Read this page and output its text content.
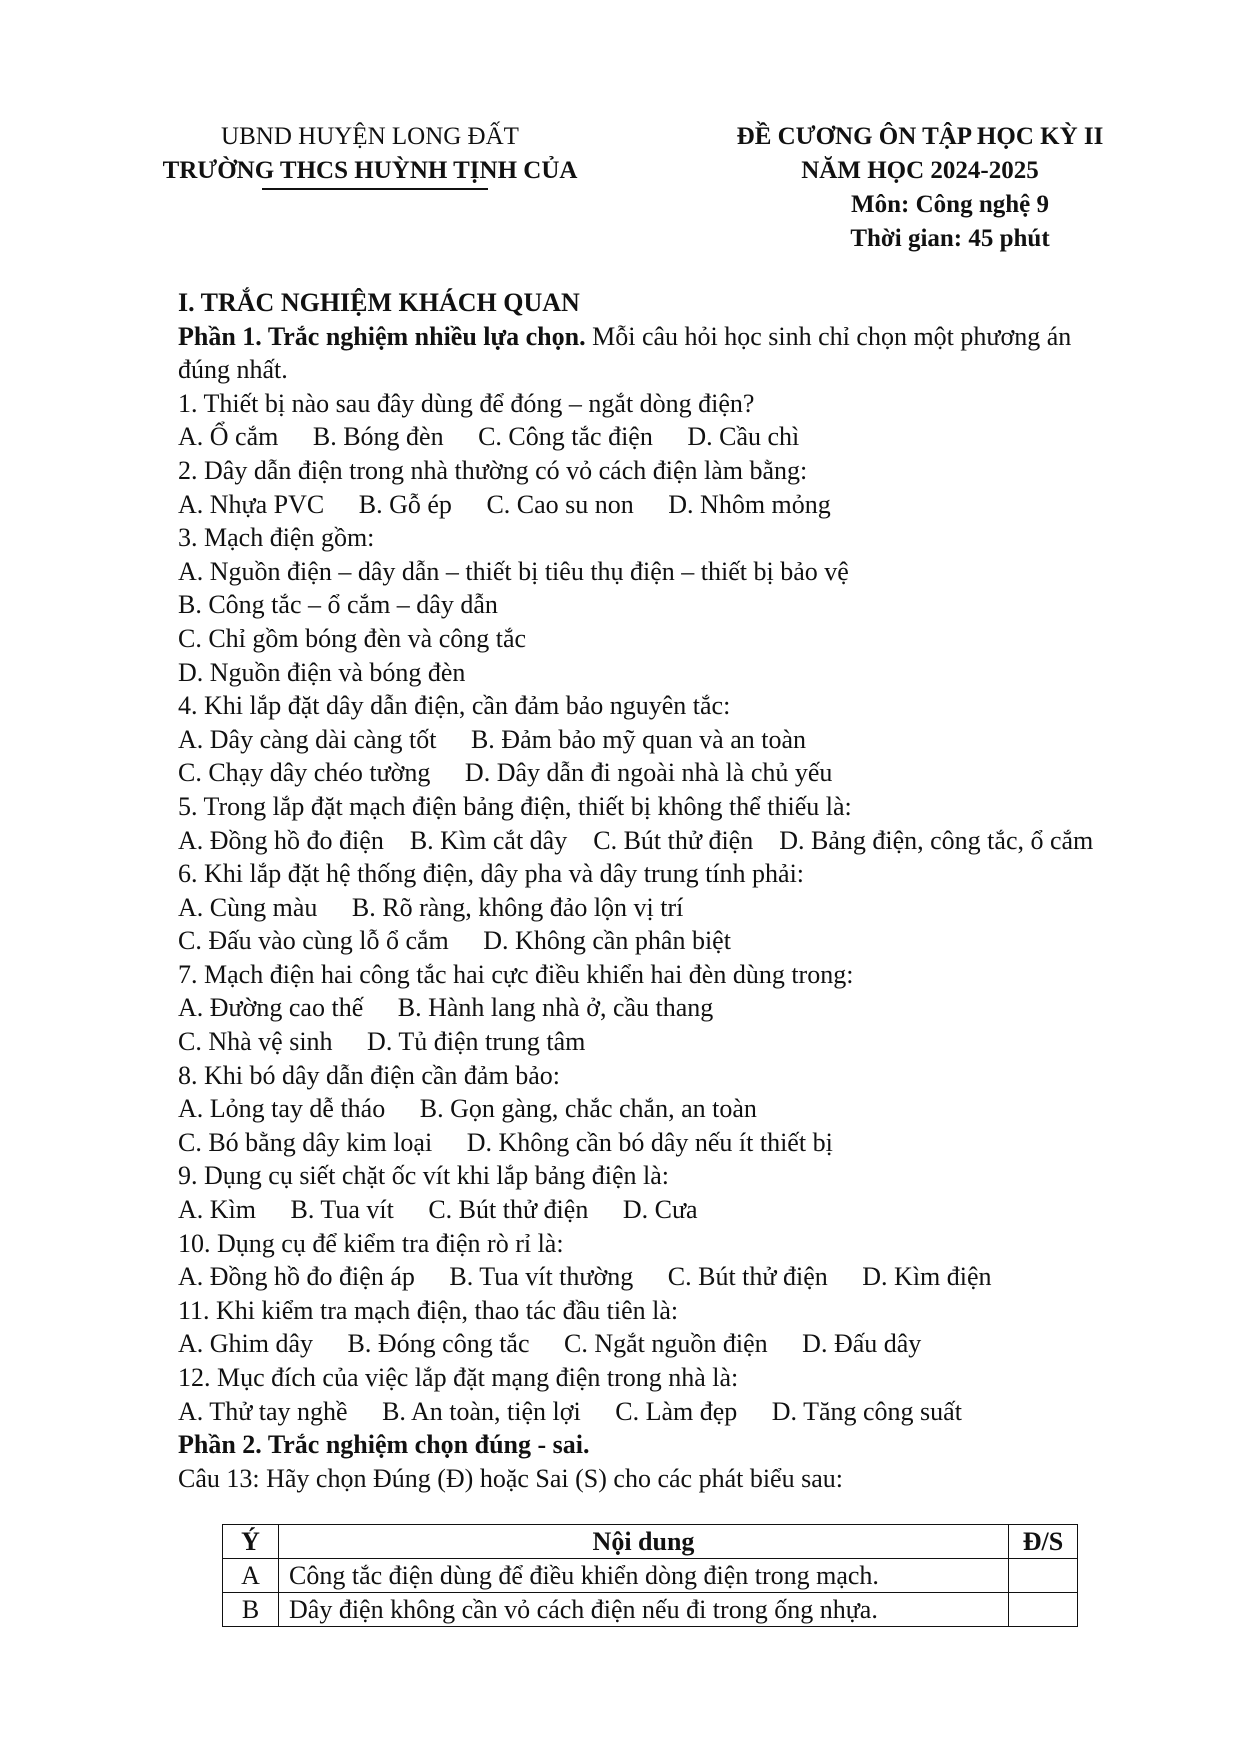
UBND HUYỆN LONG ĐẤT
TRƯỜNG THCS HUỲNH TỊNH CỦA
ĐỀ CƯƠNG ÔN TẬP HỌC KỲ II
NĂM HỌC 2024-2025
Môn: Công nghệ 9
Thời gian: 45 phút
I. TRẮC NGHIỆM KHÁCH QUAN
Phần 1. Trắc nghiệm nhiều lựa chọn. Mỗi câu hỏi học sinh chỉ chọn một phương án đúng nhất.
1. Thiết bị nào sau đây dùng để đóng – ngắt dòng điện?
A. Ổ cắm B. Bóng đèn C. Công tắc điện D. Cầu chì
2. Dây dẫn điện trong nhà thường có vỏ cách điện làm bằng:
A. Nhựa PVC B. Gỗ ép C. Cao su non D. Nhôm mỏng
3. Mạch điện gồm:
A. Nguồn điện – dây dẫn – thiết bị tiêu thụ điện – thiết bị bảo vệ
B. Công tắc – ổ cắm – dây dẫn
C. Chỉ gồm bóng đèn và công tắc
D. Nguồn điện và bóng đèn
4. Khi lắp đặt dây dẫn điện, cần đảm bảo nguyên tắc:
A. Dây càng dài càng tốt B. Đảm bảo mỹ quan và an toàn
C. Chạy dây chéo tường D. Dây dẫn đi ngoài nhà là chủ yếu
5. Trong lắp đặt mạch điện bảng điện, thiết bị không thể thiếu là:
A. Đồng hồ đo điện    B. Kìm cắt dây    C. Bút thử điện    D. Bảng điện, công tắc, ổ cắm
6. Khi lắp đặt hệ thống điện, dây pha và dây trung tính phải:
A. Cùng màu B. Rõ ràng, không đảo lộn vị trí
C. Đấu vào cùng lỗ ổ cắm D. Không cần phân biệt
7. Mạch điện hai công tắc hai cực điều khiển hai đèn dùng trong:
A. Đường cao thế B. Hành lang nhà ở, cầu thang
C. Nhà vệ sinh D. Tủ điện trung tâm
8. Khi bó dây dẫn điện cần đảm bảo:
A. Lỏng tay dễ tháo B. Gọn gàng, chắc chắn, an toàn
C. Bó bằng dây kim loại D. Không cần bó dây nếu ít thiết bị
9. Dụng cụ siết chặt ốc vít khi lắp bảng điện là:
A. Kìm B. Tua vít C. Bút thử điện D. Cưa
10. Dụng cụ để kiểm tra điện rò rỉ là:
A. Đồng hồ đo điện áp B. Tua vít thường C. Bút thử điện D. Kìm điện
11. Khi kiểm tra mạch điện, thao tác đầu tiên là:
A. Ghim dây B. Đóng công tắc C. Ngắt nguồn điện D. Đấu dây
12. Mục đích của việc lắp đặt mạng điện trong nhà là:
A. Thử tay nghề B. An toàn, tiện lợi C. Làm đẹp D. Tăng công suất
Phần 2. Trắc nghiệm chọn đúng - sai.
Câu 13: Hãy chọn Đúng (Đ) hoặc Sai (S) cho các phát biểu sau:
Ý	Nội dung	Đ/S
A	Công tắc điện dùng để điều khiển dòng điện trong mạch.	
B	Dây điện không cần vỏ cách điện nếu đi trong ống nhựa.	
